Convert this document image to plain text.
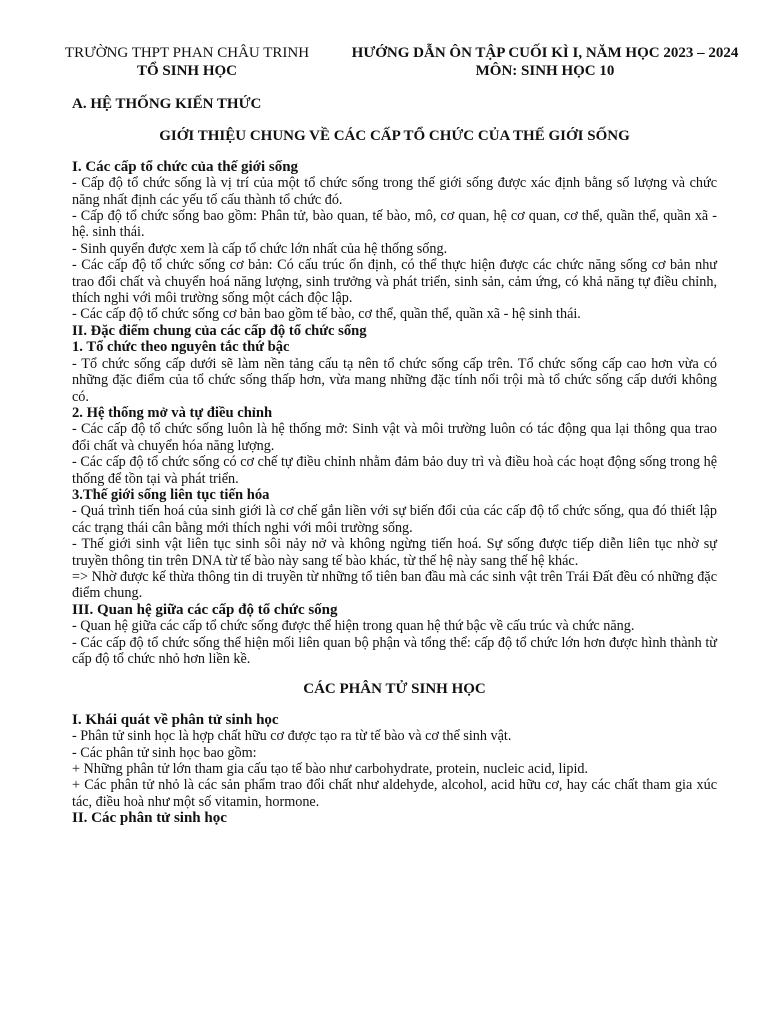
TRƯỜNG THPT PHAN CHÂU TRINH
TỔ SINH HỌC
HƯỚNG DẪN ÔN TẬP CUỐI KÌ I, NĂM HỌC 2023 – 2024
MÔN: SINH HỌC 10

A. HỆ THỐNG KIẾN THỨC

GIỚI THIỆU CHUNG VỀ CÁC CẤP TỔ CHỨC CỦA THẾ GIỚI SỐNG

I. Các cấp tổ chức của thế giới sống

- Cấp độ tổ chức sống là vị trí của một tổ chức sống trong thế giới sống được xác định bằng số lượng và chức năng nhất định các yếu tố cấu thành tổ chức đó.

- Cấp độ tổ chức sống bao gồm: Phân tử, bào quan, tế bào, mô, cơ quan, hệ cơ quan, cơ thể, quần thể, quần xã - hệ. sinh thái.

- Sinh quyển được xem là cấp tổ chức lớn nhất của hệ thống sống.

- Các cấp độ tổ chức sống cơ bản: Có cấu trúc ổn định, có thể thực hiện được các chức năng sống cơ bản như trao đổi chất và chuyển hoá năng lượng, sinh trưởng và phát triển, sinh sản, cảm ứng, có khả năng tự điều chỉnh, thích nghi với môi trường sống một cách độc lập.

- Các cấp độ tổ chức sống cơ bản bao gồm tế bào, cơ thể, quần thể, quần xã - hệ sinh thái.

II. Đặc điểm chung của các cấp độ tổ chức sống

1. Tổ chức theo nguyên tắc thứ bậc

- Tổ chức sống cấp dưới sẽ làm nền tảng cấu tạ nên tổ chức sống cấp trên. Tổ chức sống cấp cao hơn vừa có những đặc điểm của tổ chức sống thấp hơn, vừa mang những đặc tính nổi trội mà tổ chức sống cấp dưới không có.

2. Hệ thống mở và tự điều chỉnh

- Các cấp độ tổ chức sống luôn là hệ thống mở: Sinh vật và môi trường luôn có tác động qua lại thông qua trao đổi chất và chuyển hóa năng lượng.

- Các cấp độ tổ chức sống có cơ chế tự điều chỉnh nhằm đảm bảo duy trì và điều hoà các hoạt động sống trong hệ thống để tồn tại và phát triển.

3.Thế giới sống liên tục tiến hóa

- Quá trình tiến hoá của sinh giới là cơ chế gắn liền với sự biến đổi của các cấp độ tổ chức sống, qua đó thiết lập các trạng thái cân bằng mới thích nghi với môi trường sống.

- Thế giới sinh vật liên tục sinh sôi nảy nở và không ngừng tiến hoá. Sự sống được tiếp diễn liên tục nhờ sự truyền thông tin trên DNA từ tế bào này sang tế bào khác, từ thế hệ này sang thế hệ khác.

=> Nhờ được kế thừa thông tin di truyền từ những tổ tiên ban đầu mà các sinh vật trên Trái Đất đều có những đặc điểm chung.

III. Quan hệ giữa các cấp độ tổ chức sống

- Quan hệ giữa các cấp tổ chức sống được thể hiện trong quan hệ thứ bậc về cấu trúc và chức năng.

- Các cấp độ tổ chức sống thể hiện mối liên quan bộ phận và tổng thể: cấp độ tổ chức lớn hơn được hình thành từ cấp độ tổ chức nhỏ hơn liền kề.

CÁC PHÂN TỬ SINH HỌC

I. Khái quát về phân tử sinh học

- Phân tử sinh học là hợp chất hữu cơ được tạo ra từ tế bào và cơ thể sinh vật.

- Các phân tử sinh học bao gồm:

+ Những phân tử lớn tham gia cấu tạo tế bào như carbohydrate, protein, nucleic acid, lipid.

+ Các phân tử nhỏ là các sản phẩm trao đổi chất như aldehyde, alcohol, acid hữu cơ, hay các chất tham gia xúc tác, điều hoà như một số vitamin, hormone.

II. Các phân tử sinh học
